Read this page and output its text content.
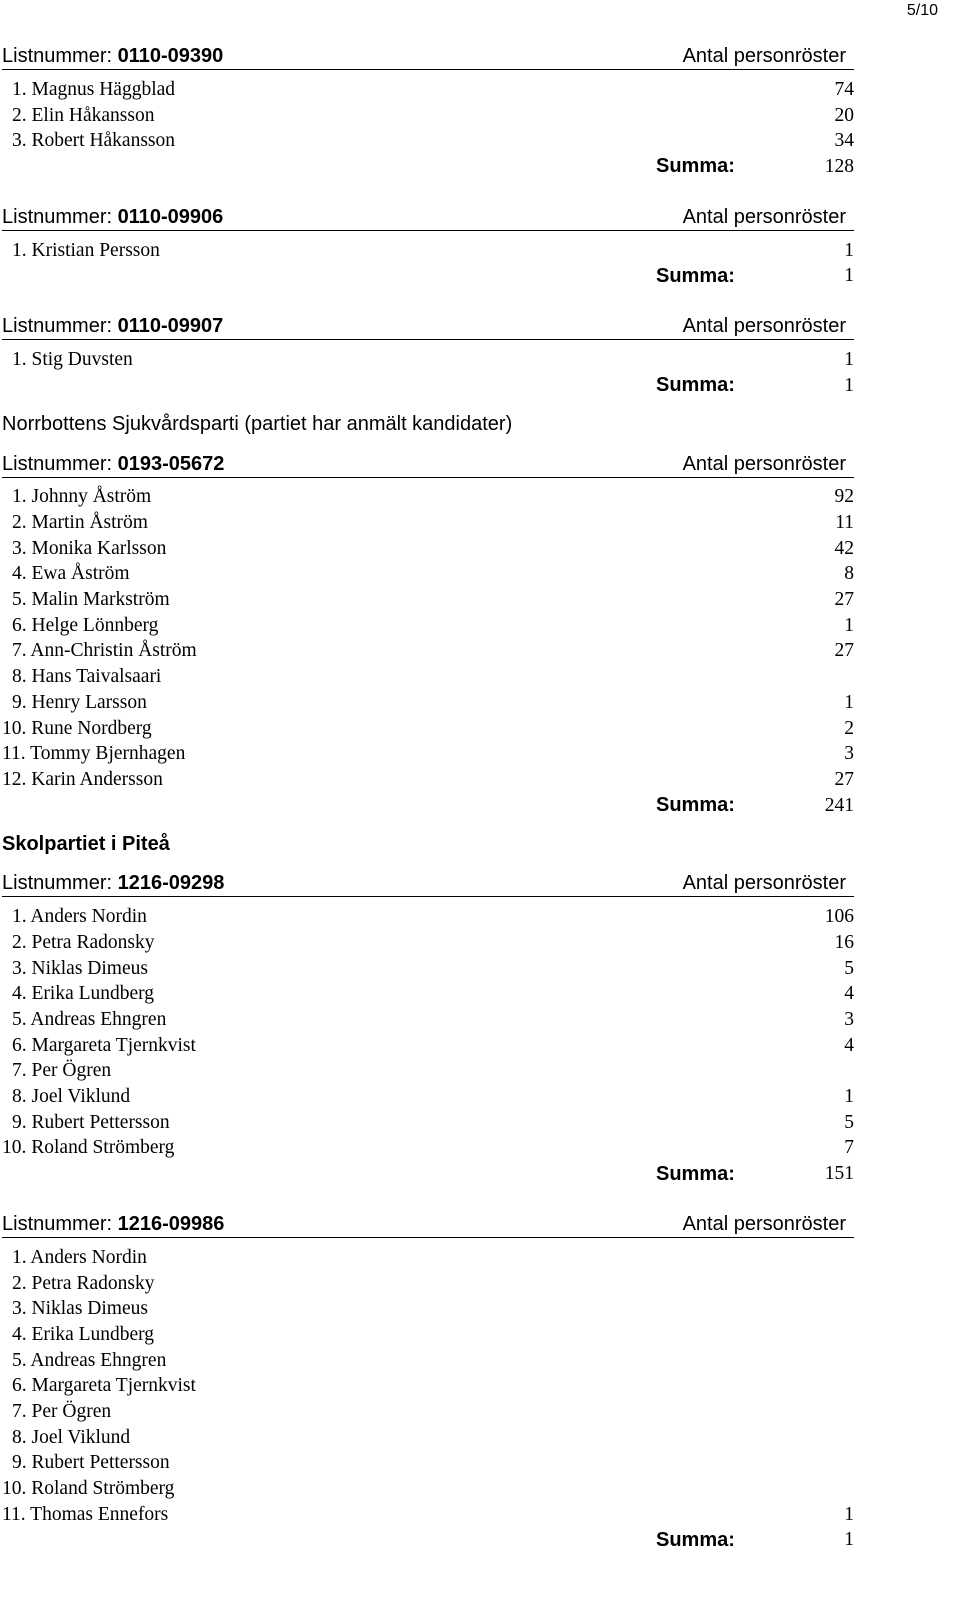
5/10
Listnummer: 0110-09390	Antal personröster
1. Magnus Häggblad	74
2. Elin Håkansson	20
3. Robert Håkansson	34
Summa:	128
Listnummer: 0110-09906	Antal personröster
1. Kristian Persson	1
Summa:	1
Listnummer: 0110-09907	Antal personröster
1. Stig Duvsten	1
Summa:	1
Norrbottens Sjukvårdsparti (partiet har anmält kandidater)
Listnummer: 0193-05672	Antal personröster
1. Johnny Åström	92
2. Martin Åström	11
3. Monika Karlsson	42
4. Ewa Åström	8
5. Malin Markström	27
6. Helge Lönnberg	1
7. Ann-Christin Åström	27
8. Hans Taivalsaari
9. Henry Larsson	1
10. Rune Nordberg	2
11. Tommy Bjernhagen	3
12. Karin Andersson	27
Summa:	241
Skolpartiet i Piteå
Listnummer: 1216-09298	Antal personröster
1. Anders Nordin	106
2. Petra Radonsky	16
3. Niklas Dimeus	5
4. Erika Lundberg	4
5. Andreas Ehngren	3
6. Margareta Tjernkvist	4
7. Per Ögren
8. Joel Viklund	1
9. Rubert Pettersson	5
10. Roland Strömberg	7
Summa:	151
Listnummer: 1216-09986	Antal personröster
1. Anders Nordin
2. Petra Radonsky
3. Niklas Dimeus
4. Erika Lundberg
5. Andreas Ehngren
6. Margareta Tjernkvist
7. Per Ögren
8. Joel Viklund
9. Rubert Pettersson
10. Roland Strömberg
11. Thomas Ennefors	1
Summa:	1
